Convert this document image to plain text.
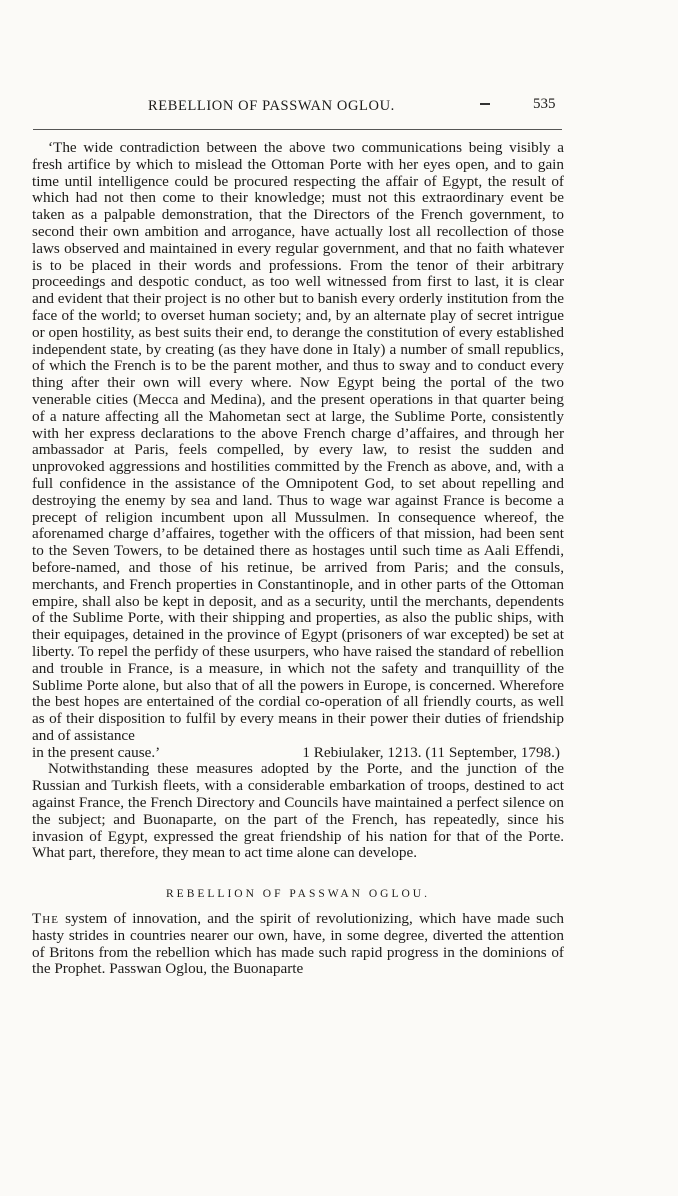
REBELLION OF PASSWAN OGLOU.	535

‘The wide contradiction between the above two communications being visibly a fresh artifice by which to mislead the Ottoman Porte with her eyes open, and to gain time until intelligence could be procured respecting the affair of Egypt, the result of which had not then come to their knowledge; must not this extraordinary event be taken as a palpable demonstration, that the Directors of the French government, to second their own ambition and arrogance, have actually lost all recollection of those laws observed and maintained in every regular government, and that no faith whatever is to be placed in their words and professions. From the tenor of their arbitrary proceedings and despotic conduct, as too well witnessed from first to last, it is clear and evident that their project is no other but to banish every orderly institution from the face of the world; to overset human society; and, by an alternate play of secret intrigue or open hostility, as best suits their end, to derange the constitution of every established independent state, by creating (as they have done in Italy) a number of small republics, of which the French is to be the parent mother, and thus to sway and to conduct every thing after their own will every where. Now Egypt being the portal of the two venerable cities (Mecca and Medina), and the present operations in that quarter being of a nature affecting all the Mahometan sect at large, the Sublime Porte, consistently with her express declarations to the above French charge d’affaires, and through her ambassador at Paris, feels compelled, by every law, to resist the sudden and unprovoked aggressions and hostilities committed by the French as above, and, with a full confidence in the assistance of the Omnipotent God, to set about repelling and destroying the enemy by sea and land. Thus to wage war against France is become a precept of religion incumbent upon all Mussulmen. In consequence whereof, the aforenamed charge d’affaires, together with the officers of that mission, had been sent to the Seven Towers, to be detained there as hostages until such time as Aali Effendi, before-named, and those of his retinue, be arrived from Paris; and the consuls, merchants, and French properties in Constantinople, and in other parts of the Ottoman empire, shall also be kept in deposit, and as a security, until the merchants, dependents of the Sublime Porte, with their shipping and properties, as also the public ships, with their equipages, detained in the province of Egypt (prisoners of war excepted) be set at liberty. To repel the perfidy of these usurpers, who have raised the standard of rebellion and trouble in France, is a measure, in which not the safety and tranquillity of the Sublime Porte alone, but also that of all the powers in Europe, is concerned. Wherefore the best hopes are entertained of the cordial co-operation of all friendly courts, as well as of their disposition to fulfil by every means in their power their duties of friendship and of assistance

in the present cause.’	1 Rebiulaker, 1213. (11 September, 1798.)

Notwithstanding these measures adopted by the Porte, and the junction of the Russian and Turkish fleets, with a considerable embarkation of troops, destined to act against France, the French Directory and Councils have maintained a perfect silence on the subject; and Buonaparte, on the part of the French, has repeatedly, since his invasion of Egypt, expressed the great friendship of his nation for that of the Porte. What part, therefore, they mean to act time alone can develope.

REBELLION OF PASSWAN OGLOU.

The system of innovation, and the spirit of revolutionizing, which have made such hasty strides in countries nearer our own, have, in some degree, diverted the attention of Britons from the rebellion which has made such rapid progress in the dominions of the Prophet. Passwan Oglou, the Buonaparte
